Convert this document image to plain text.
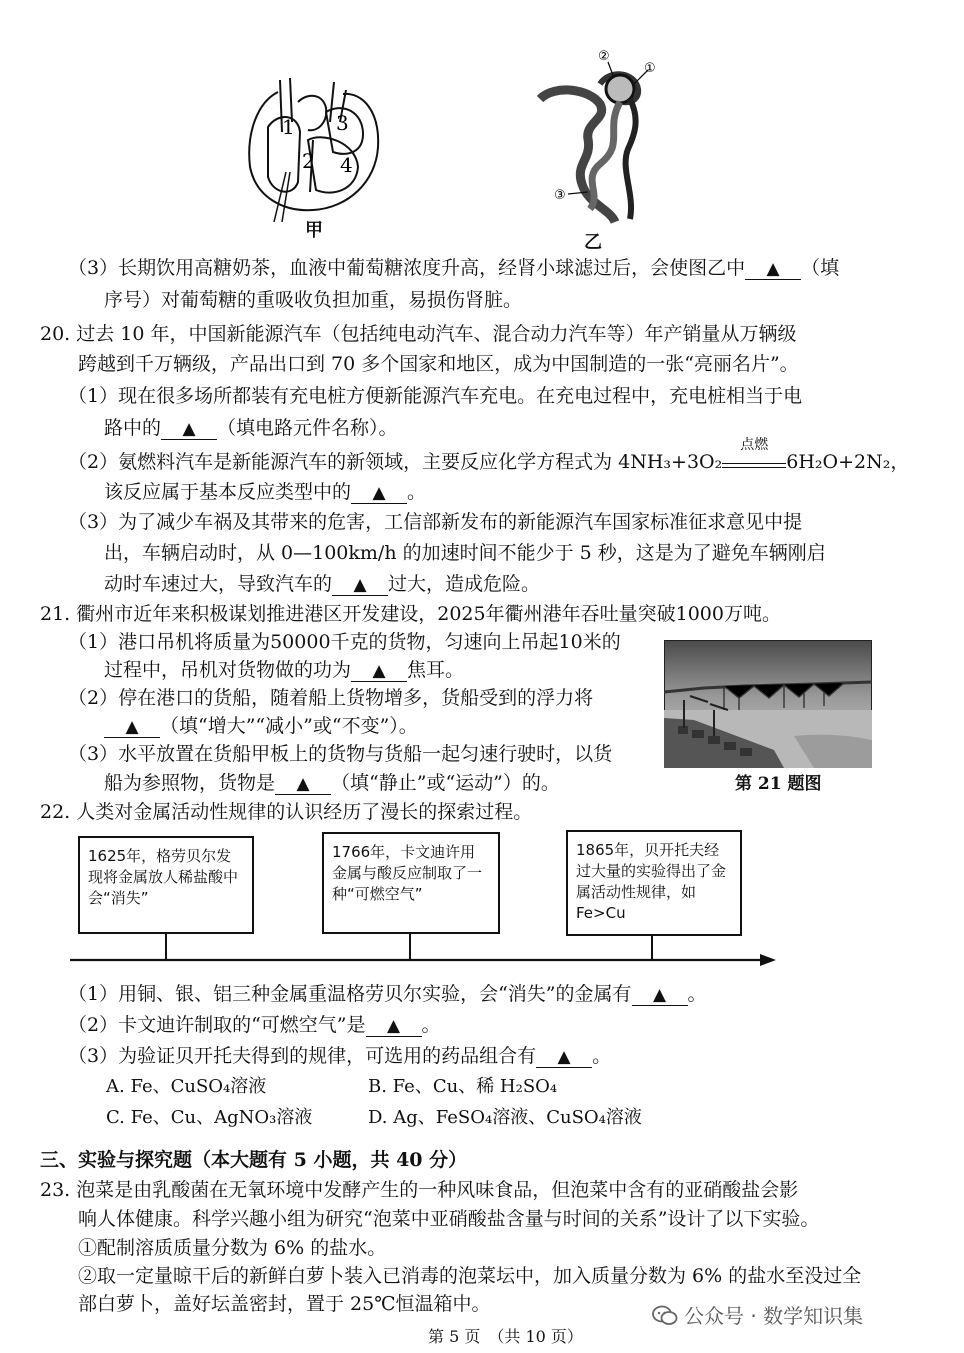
1
2
3
4
甲
②
①
③
乙
（3）长期饮用高糖奶茶，血液中葡萄糖浓度升高，经肾小球滤过后，会使图乙中 ▲ （填
序号）对葡萄糖的重吸收负担加重，易损伤肾脏。
20. 过去 10 年，中国新能源汽车（包括纯电动汽车、混合动力汽车等）年产销量从万辆级
跨越到千万辆级，产品出口到 70 多个国家和地区，成为中国制造的一张“亮丽名片”。
（1）现在很多场所都装有充电桩方便新能源汽车充电。在充电过程中，充电桩相当于电
路中的 ▲ （填电路元件名称）。
（2）氨燃料汽车是新能源汽车的新领域，主要反应化学方程式为 4NH₃+3O₂
点燃
6H₂O+2N₂，
该反应属于基本反应类型中的 ▲ 。
（3）为了减少车祸及其带来的危害，工信部新发布的新能源汽车国家标准征求意见中提
出，车辆启动时，从 0—100km/h 的加速时间不能少于 5 秒，这是为了避免车辆刚启
动时车速过大，导致汽车的 ▲ 过大，造成危险。
21. 衢州市近年来积极谋划推进港区开发建设，2025年衢州港年吞吐量突破1000万吨。
（1）港口吊机将质量为50000千克的货物，匀速向上吊起10米的
过程中，吊机对货物做的功为 ▲ 焦耳。
（2）停在港口的货船，随着船上货物增多，货船受到的浮力将
▲ （填“增大”“减小”或“不变”）。
（3）水平放置在货船甲板上的货物与货船一起匀速行驶时，以货
船为参照物，货物是 ▲ （填“静止”或“运动”）的。	第 21 题图
22. 人类对金属活动性规律的认识经历了漫长的探索过程。
1625年，格劳贝尔发现将金属放人稀盐酸中会“消失”
1766年，卡文迪许用金属与酸反应制取了一种“可燃空气”
1865年，贝开托夫经过大量的实验得出了金属活动性规律，如Fe>Cu
（1）用铜、银、铝三种金属重温格劳贝尔实验，会“消失”的金属有 ▲ 。
（2）卡文迪许制取的“可燃空气”是 ▲ 。
（3）为验证贝开托夫得到的规律，可选用的药品组合有 ▲ 。
A. Fe、CuSO₄溶液	B. Fe、Cu、稀 H₂SO₄
C. Fe、Cu、AgNO₃溶液	D. Ag、FeSO₄溶液、CuSO₄溶液
三、实验与探究题（本大题有 5 小题，共 40 分）
23. 泡菜是由乳酸菌在无氧环境中发酵产生的一种风味食品，但泡菜中含有的亚硝酸盐会影
响人体健康。科学兴趣小组为研究“泡菜中亚硝酸盐含量与时间的关系”设计了以下实验。
①配制溶质质量分数为 6% 的盐水。
②取一定量晾干后的新鲜白萝卜装入已消毒的泡菜坛中，加入质量分数为 6% 的盐水至没过全
部白萝卜，盖好坛盖密封，置于 25℃恒温箱中。	公众号 · 数学知识集
第 5 页　（共 10 页）
